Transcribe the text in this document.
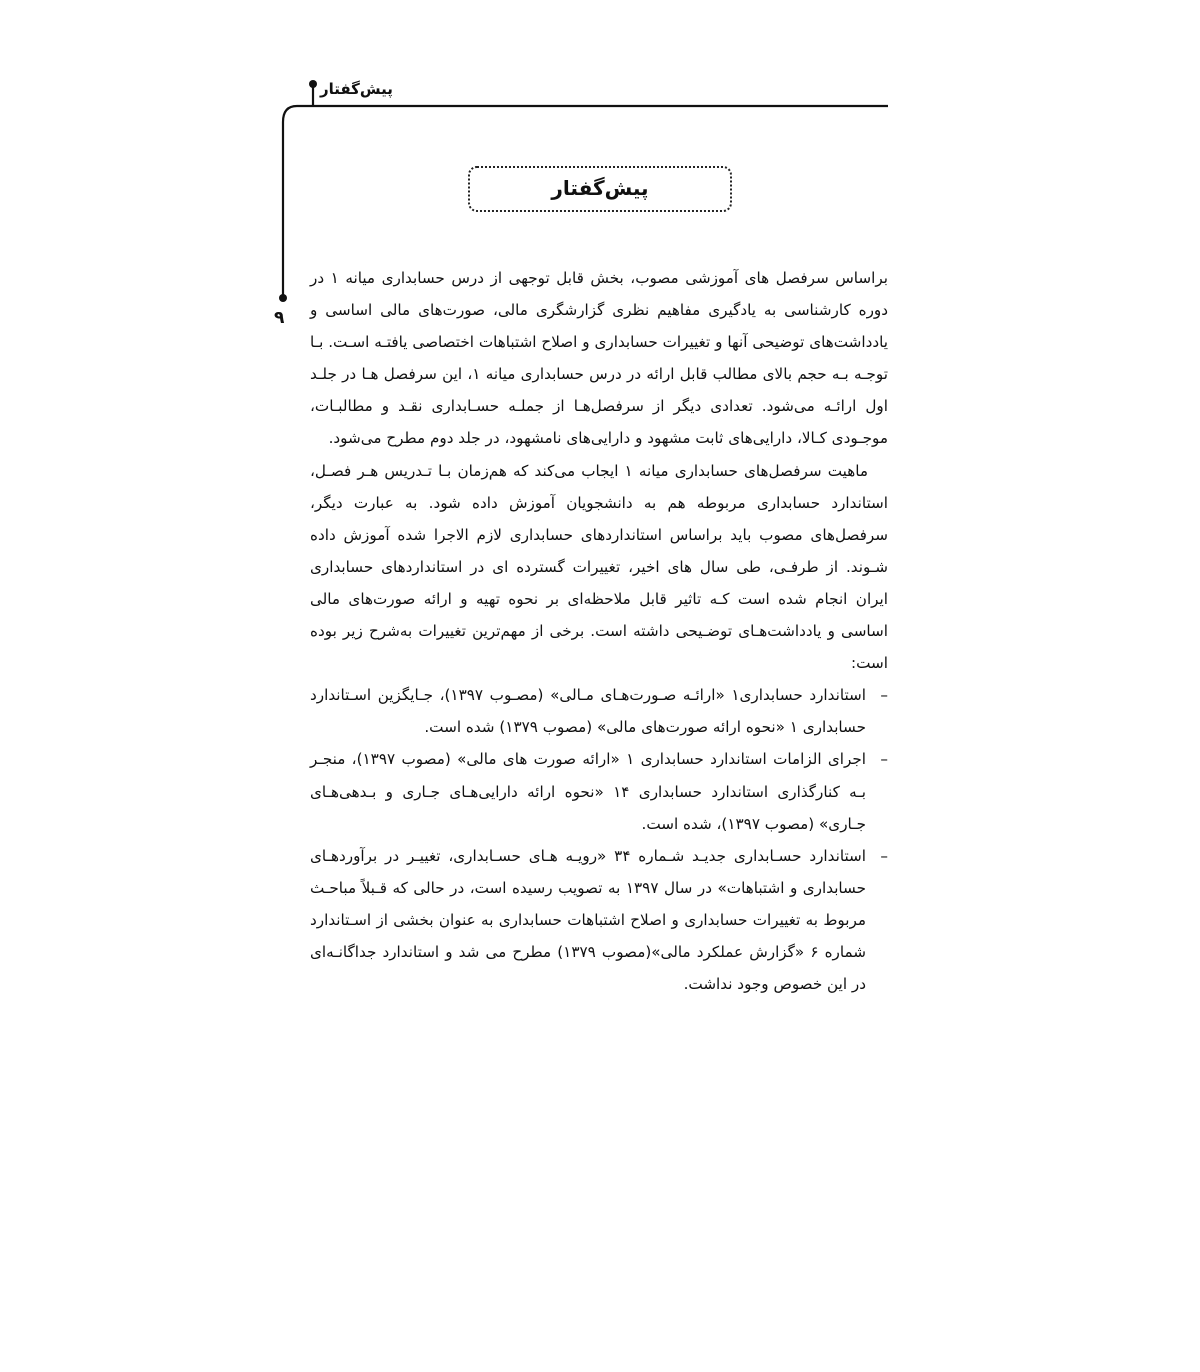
پیش‌گفتار
۹
پیش‌گفتار

براساس سرفصل های آموزشی مصوب، بخش قابل توجهی از درس حسابداری میانه ۱ در دوره کارشناسی به یادگیری مفاهیم نظری گزارشگری مالی، صورت‌های مالی اساسی و یادداشت‌های توضیحی آنها و تغییرات حسابداری و اصلاح اشتباهات اختصاصی یافتـه اسـت. بـا توجـه بـه حجم بالای مطالب قابل ارائه در درس حسابداری میانه ۱، این سرفصل هـا در جلـد اول ارائـه می‌شود. تعدادی دیگر از سرفصل‌هـا از جملـه حسـابداری نقـد و مطالبـات، موجـودی کـالا، دارایی‌های ثابت مشهود و دارایی‌های نامشهود، در جلد دوم مطرح می‌شود.

ماهیت سرفصل‌های حسابداری میانه ۱ ایجاب می‌کند که هم‌زمان بـا تـدریس هـر فصـل، استاندارد حسابداری مربوطه هم به دانشجویان آموزش داده شود. به عبارت دیگر، سرفصل‌های مصوب باید براساس استانداردهای حسابداری لازم الاجرا شده آموزش داده شـوند. از طرفـی، طی سال های اخیر، تغییرات گسترده ای در استانداردهای حسابداری ایران انجام شده است کـه تاثیر قابل ملاحظه‌ای بر نحوه تهیه و ارائه صورت‌های مالی اساسی و یادداشت‌هـای توضـیحی داشته است. برخی از مهم‌ترین تغییرات به‌شرح زیر بوده است:

–
استاندارد حسابداری۱ «ارائـه صـورت‌هـای مـالی» (مصـوب ۱۳۹۷)، جـایگزین اسـتاندارد حسابداری ۱ «نحوه ارائه صورت‌های مالی» (مصوب ۱۳۷۹) شده است.
–
اجرای الزامات استاندارد حسابداری ۱ «ارائه صورت های مالی» (مصوب ۱۳۹۷)، منجـر بـه کنارگذاری استاندارد حسابداری ۱۴ «نحوه ارائه دارایی‌هـای جـاری و بـدهی‌هـای جـاری» (مصوب ۱۳۹۷)، شده است.
–
استاندارد حسـابداری جدیـد شـماره ۳۴ «رویـه هـای حسـابداری، تغییـر در برآوردهـای حسابداری و اشتباهات» در سال ۱۳۹۷ به تصویب رسیده است، در حالی که قـبلاً مباحـث مربوط به تغییرات حسابداری و اصلاح اشتباهات حسابداری به عنوان بخشی از اسـتاندارد شماره ۶ «گزارش عملکرد مالی»(مصوب ۱۳۷۹) مطرح می شد و استاندارد جداگانـه‌ای در این خصوص وجود نداشت.
